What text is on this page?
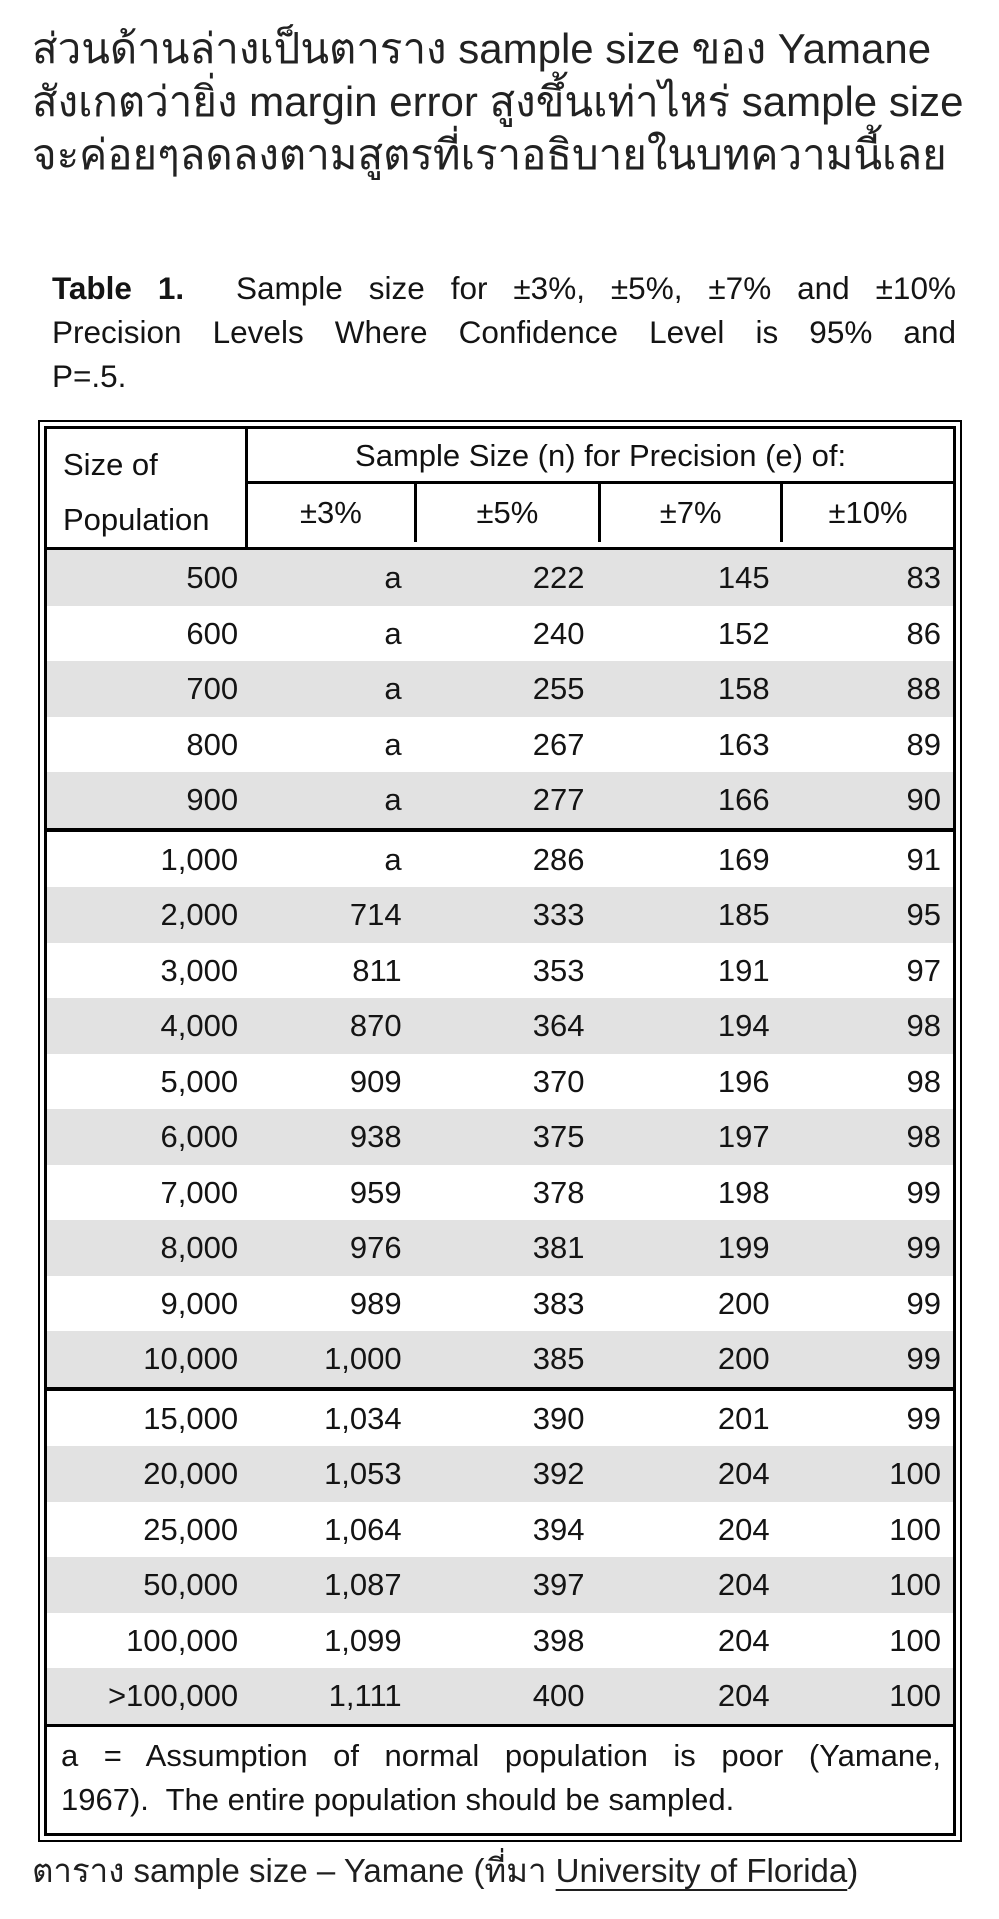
ส่วนด้านล่างเป็นตาราง sample size ของ Yamane
สังเกตว่ายิ่ง margin error สูงขึ้นเท่าไหร่ sample size
จะค่อยๆลดลงตามสูตรที่เราอธิบายในบทความนี้เลย
Table 1.  Sample size for ±3%, ±5%, ±7% and ±10%
Precision Levels Where Confidence Level is 95% and
P=.5.
Size of
Population
Sample Size (n) for Precision (e) of:
±3%	±5%	±7%	±10%
500	a	222	145	83
600	a	240	152	86
700	a	255	158	88
800	a	267	163	89
900	a	277	166	90
1,000	a	286	169	91
2,000	714	333	185	95
3,000	811	353	191	97
4,000	870	364	194	98
5,000	909	370	196	98
6,000	938	375	197	98
7,000	959	378	198	99
8,000	976	381	199	99
9,000	989	383	200	99
10,000	1,000	385	200	99
15,000	1,034	390	201	99
20,000	1,053	392	204	100
25,000	1,064	394	204	100
50,000	1,087	397	204	100
100,000	1,099	398	204	100
>100,000	1,111	400	204	100
a = Assumption of normal population is poor (Yamane,
1967).  The entire population should be sampled.
ตาราง sample size – Yamane (ที่มา University of Florida)
